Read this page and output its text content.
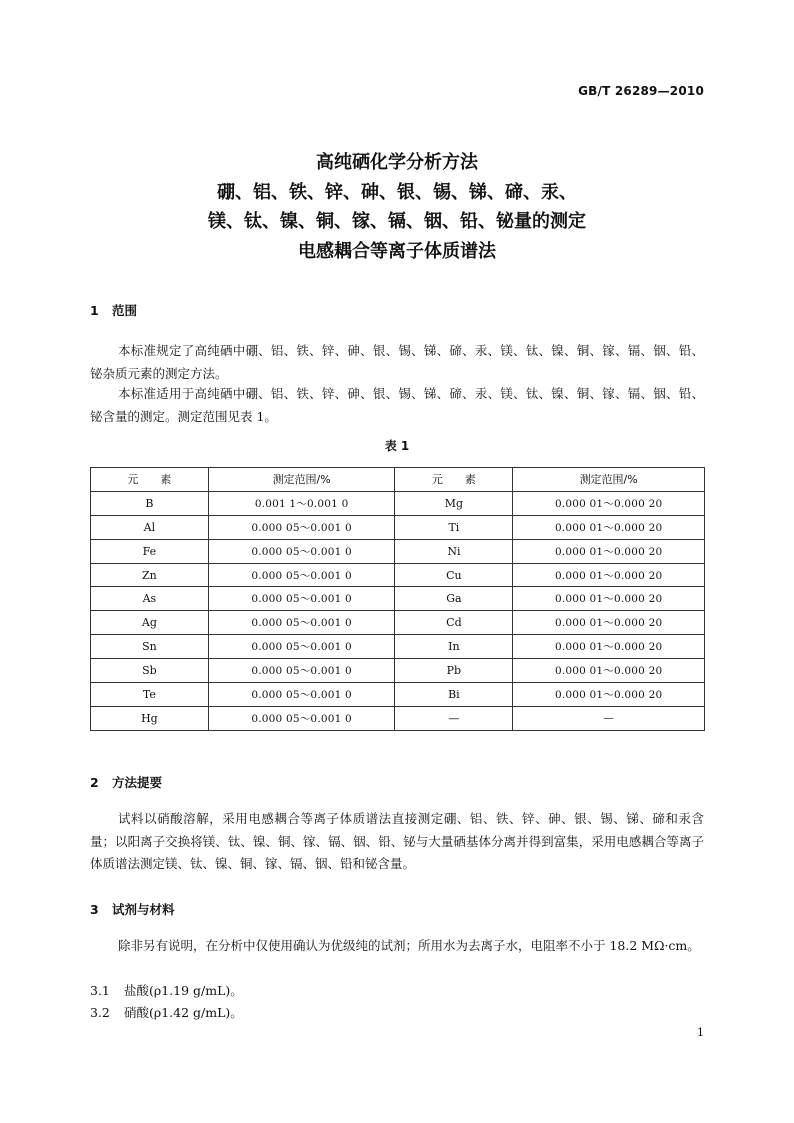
GB/T 26289—2010
高纯硒化学分析方法
硼、铝、铁、锌、砷、银、锡、锑、碲、汞、
镁、钛、镍、铜、镓、镉、铟、铅、铋量的测定
电感耦合等离子体质谱法
1 范围
本标准规定了高纯硒中硼、铝、铁、锌、砷、银、锡、锑、碲、汞、镁、钛、镍、铜、镓、镉、铟、铅、铋杂质元素的测定方法。
本标准适用于高纯硒中硼、铝、铁、锌、砷、银、锡、锑、碲、汞、镁、钛、镍、铜、镓、镉、铟、铅、铋含量的测定。测定范围见表 1。
表 1
元　　素	测定范围/%	元　　素	测定范围/%
B	0.001 1～0.001 0	Mg	0.000 01～0.000 20
Al	0.000 05～0.001 0	Ti	0.000 01～0.000 20
Fe	0.000 05～0.001 0	Ni	0.000 01～0.000 20
Zn	0.000 05～0.001 0	Cu	0.000 01～0.000 20
As	0.000 05～0.001 0	Ga	0.000 01～0.000 20
Ag	0.000 05～0.001 0	Cd	0.000 01～0.000 20
Sn	0.000 05～0.001 0	In	0.000 01～0.000 20
Sb	0.000 05～0.001 0	Pb	0.000 01～0.000 20
Te	0.000 05～0.001 0	Bi	0.000 01～0.000 20
Hg	0.000 05～0.001 0	—	—
2 方法提要
试料以硝酸溶解，采用电感耦合等离子体质谱法直接测定硼、铝、铁、锌、砷、银、锡、锑、碲和汞含量；以阳离子交换将镁、钛、镍、铜、镓、镉、铟、铅、铋与大量硒基体分离并得到富集，采用电感耦合等离子体质谱法测定镁、钛、镍、铜、镓、镉、铟、铅和铋含量。
3 试剂与材料
除非另有说明，在分析中仅使用确认为优级纯的试剂；所用水为去离子水，电阻率不小于 18.2 MΩ·cm。
3.1 盐酸(ρ1.19 g/mL)。
3.2 硝酸(ρ1.42 g/mL)。
1
